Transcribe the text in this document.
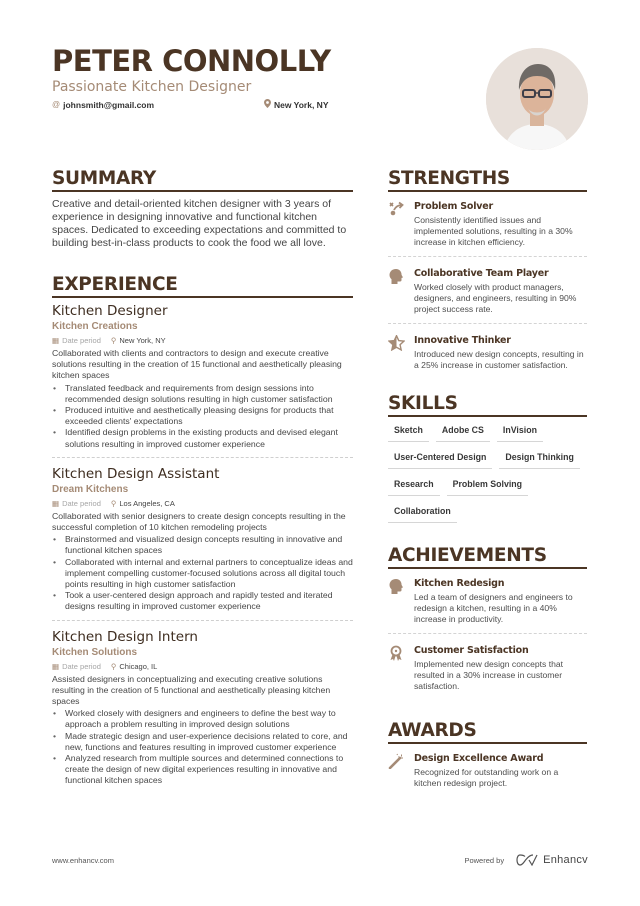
PETER CONNOLLY
Passionate Kitchen Designer
@ johnsmith@gmail.com	New York, NY
SUMMARY

Creative and detail-oriented kitchen designer with 3 years of experience in designing innovative and functional kitchen spaces. Dedicated to exceeding expectations and committed to building best-in-class products to cook the food we all love.

EXPERIENCE
Kitchen Designer
Kitchen Creations
▦ Date period ⚲ New York, NY

Collaborated with clients and contractors to design and execute creative solutions resulting in the creation of 15 functional and aesthetically pleasing kitchen spaces

• Translated feedback and requirements from design sessions into recommended design solutions resulting in high customer satisfaction
• Produced intuitive and aesthetically pleasing designs for products that exceeded clients' expectations
• Identified design problems in the existing products and devised elegant solutions resulting in improved customer experience
Kitchen Design Assistant
Dream Kitchens
▦ Date period ⚲ Los Angeles, CA

Collaborated with senior designers to create design concepts resulting in the successful completion of 10 kitchen remodeling projects

• Brainstormed and visualized design concepts resulting in innovative and functional kitchen spaces
• Collaborated with internal and external partners to conceptualize ideas and implement compelling customer-focused solutions across all digital touch points resulting in high customer satisfaction
• Took a user-centered design approach and rapidly tested and iterated designs resulting in improved customer experience
Kitchen Design Intern
Kitchen Solutions
▦ Date period ⚲ Chicago, IL

Assisted designers in conceptualizing and executing creative solutions resulting in the creation of 5 functional and aesthetically pleasing kitchen spaces

• Worked closely with designers and engineers to define the best way to approach a problem resulting in improved design solutions
• Made strategic design and user-experience decisions related to core, and new, functions and features resulting in improved customer experience
• Analyzed research from multiple sources and determined connections to create the design of new digital experiences resulting in innovative and functional kitchen spaces
STRENGTHS
Problem Solver
Consistently identified issues and implemented solutions, resulting in a 30% increase in kitchen efficiency.
Collaborative Team Player
Worked closely with product managers, designers, and engineers, resulting in 90% project success rate.
Innovative Thinker
Introduced new design concepts, resulting in a 25% increase in customer satisfaction.
SKILLS
Sketch	Adobe CS	InVision
User-Centered Design	Design Thinking
Research	Problem Solving
Collaboration
ACHIEVEMENTS
Kitchen Redesign
Led a team of designers and engineers to redesign a kitchen, resulting in a 40% increase in productivity.
Customer Satisfaction
Implemented new design concepts that resulted in a 30% increase in customer satisfaction.
AWARDS
Design Excellence Award
Recognized for outstanding work on a kitchen redesign project.
www.enhancv.com	Powered by	Enhancv
